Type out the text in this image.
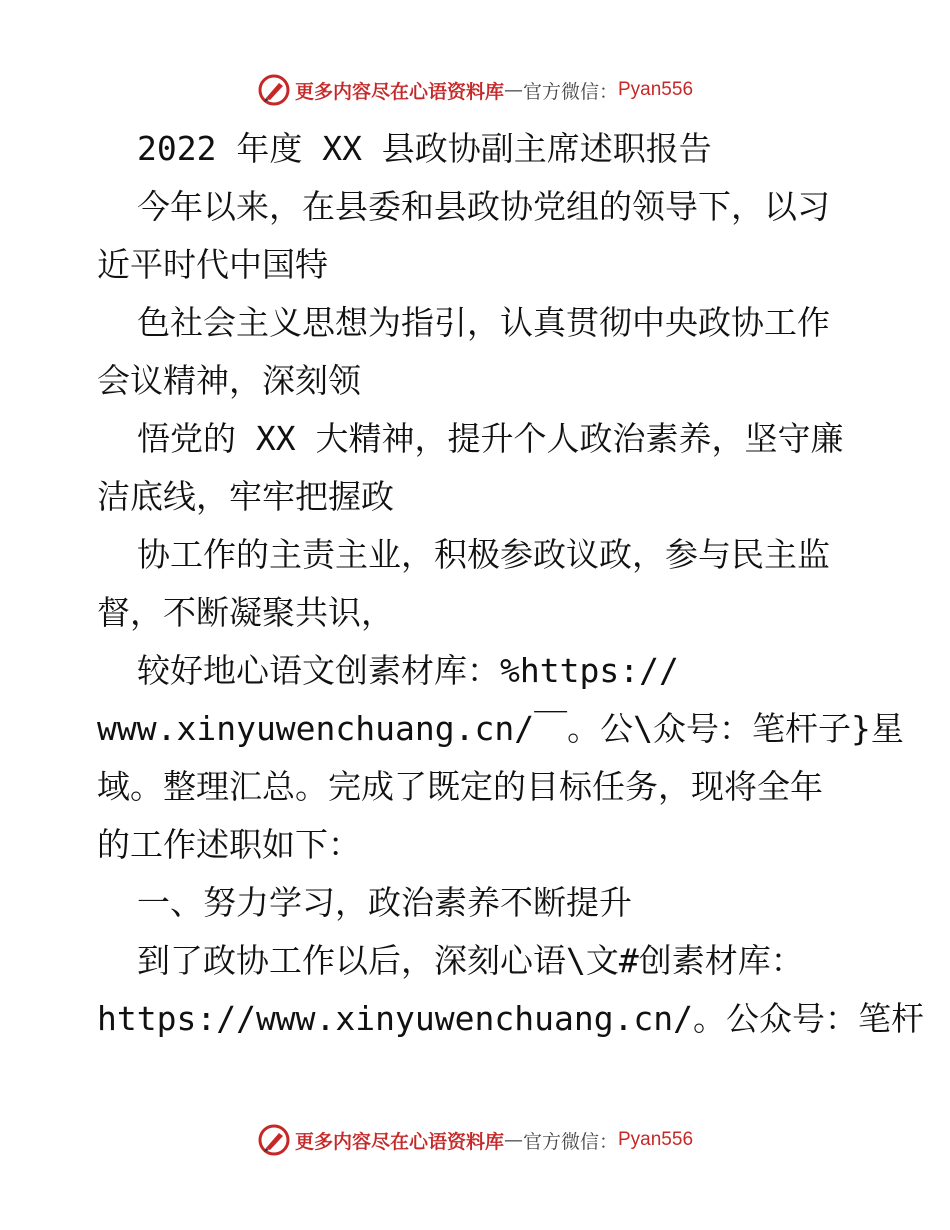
更多内容尽在心语资料库 — 官方微信： Pyan556
2022 年度 XX 县政协副主席述职报告
今年以来，在县委和县政协党组的领导下，以习
近平时代中国特
色社会主义思想为指引，认真贯彻中央政协工作
会议精神，深刻领
悟党的 XX 大精神，提升个人政治素养，坚守廉
洁底线，牢牢把握政
协工作的主责主业，积极参政议政，参与民主监
督，不断凝聚共识，
较好地心语文创素材库：%https://
www.xinyuwenchuang.cn/￣。公\众号：笔杆子}星
域。整理汇总。完成了既定的目标任务，现将全年
的工作述职如下：
一、努力学习，政治素养不断提升
到了政协工作以后，深刻心语\文#创素材库：
https://www.xinyuwenchuang.cn/。公众号：笔杆
更多内容尽在心语资料库 — 官方微信： Pyan556
